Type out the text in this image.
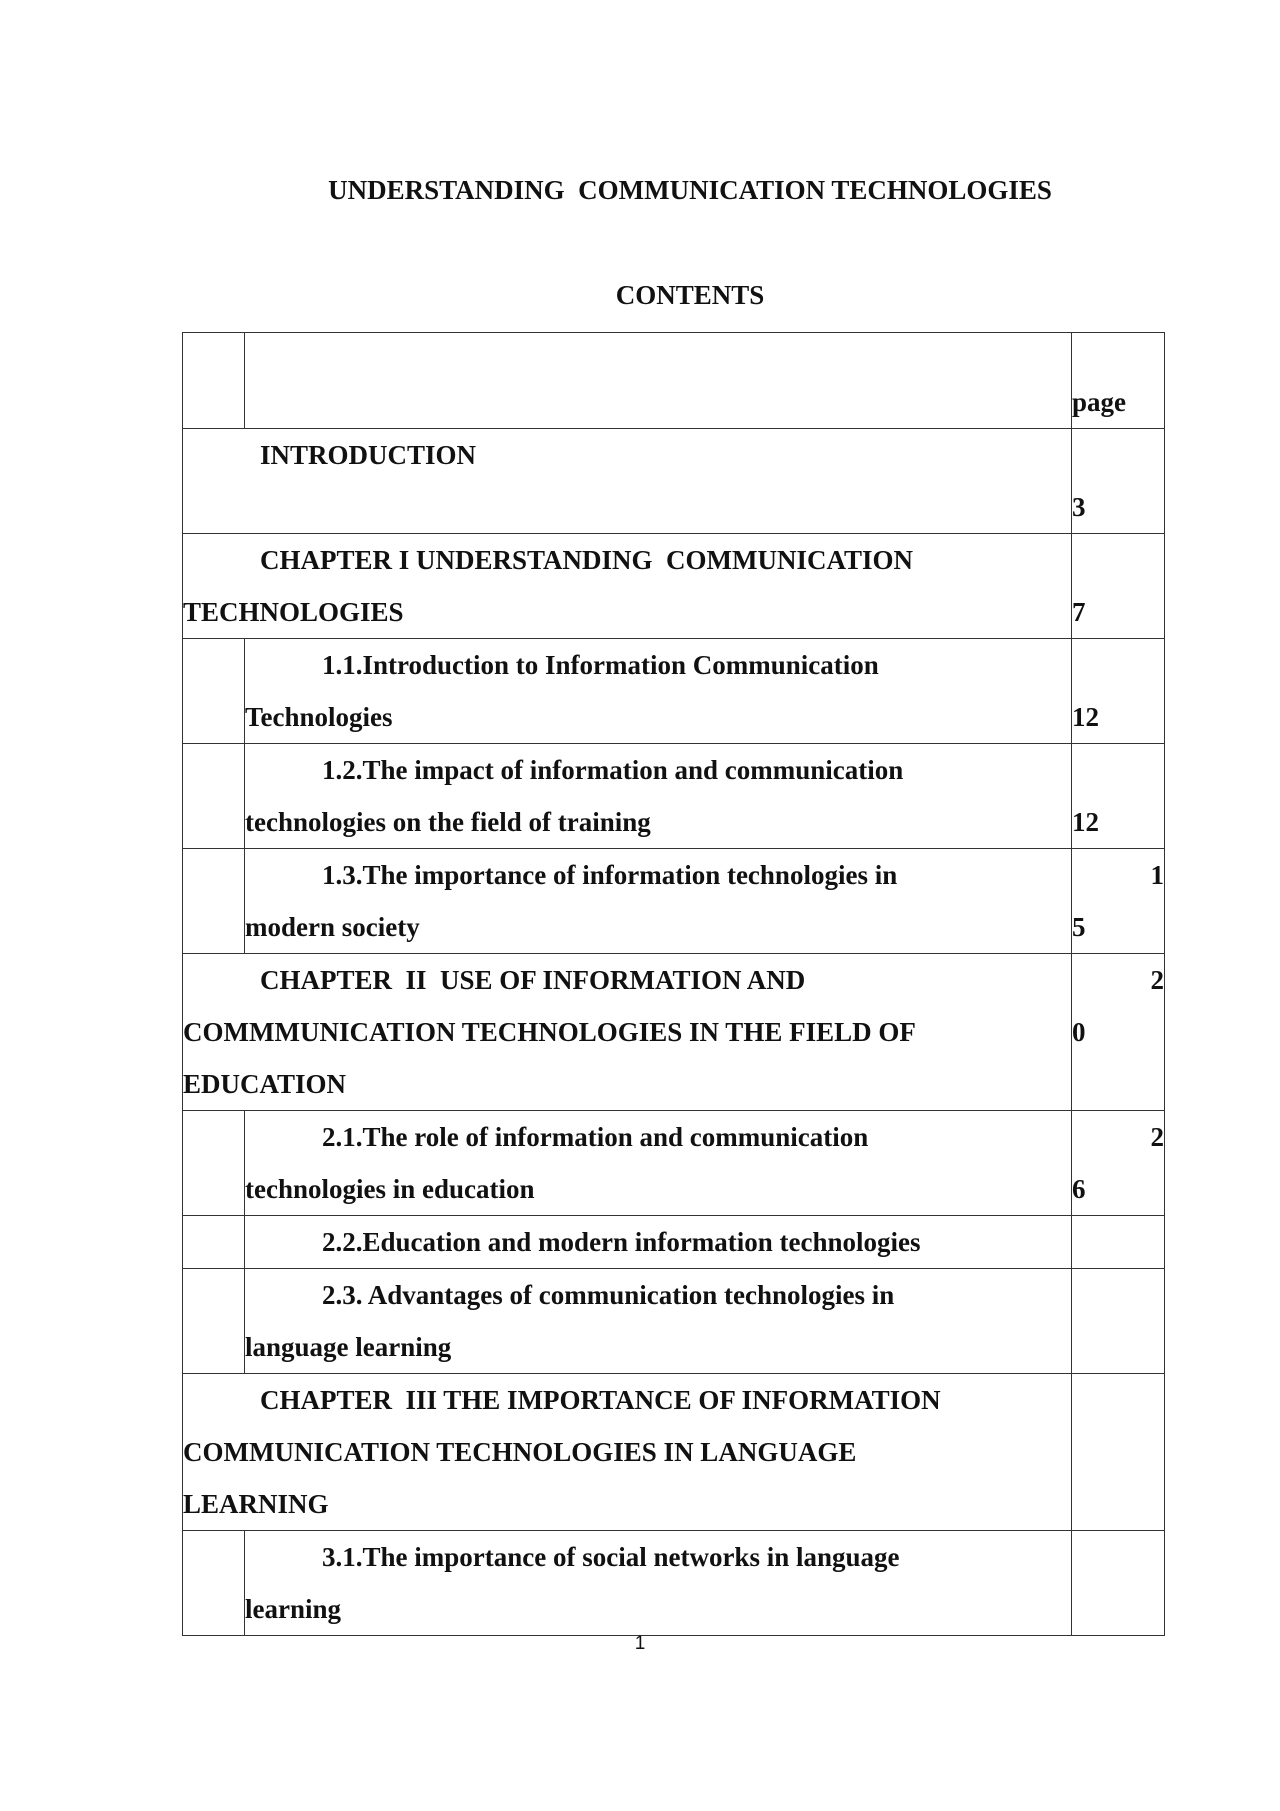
UNDERSTANDING  COMMUNICATION TECHNOLOGIES
CONTENTS

		page

INTRODUCTION		3

CHAPTER I UNDERSTANDING  COMMUNICATION
TECHNOLOGIES		7

	1.1.Introduction to Information Communication
Technologies	12

	1.2.The impact of information and communication
technologies on the field of training	12

	1.3.The importance of information technologies in
modern society	1
5

CHAPTER  II  USE OF INFORMATION AND
COMMMUNICATION TECHNOLOGIES IN THE FIELD OF
EDUCATION		2
0

	2.1.The role of information and communication
technologies in education	2
6

	2.2.Education and modern information technologies	

	2.3. Advantages of communication technologies in
language learning	

CHAPTER  III THE IMPORTANCE OF INFORMATION
COMMUNICATION TECHNOLOGIES IN LANGUAGE
LEARNING		

	3.1.The importance of social networks in language
learning	

1
